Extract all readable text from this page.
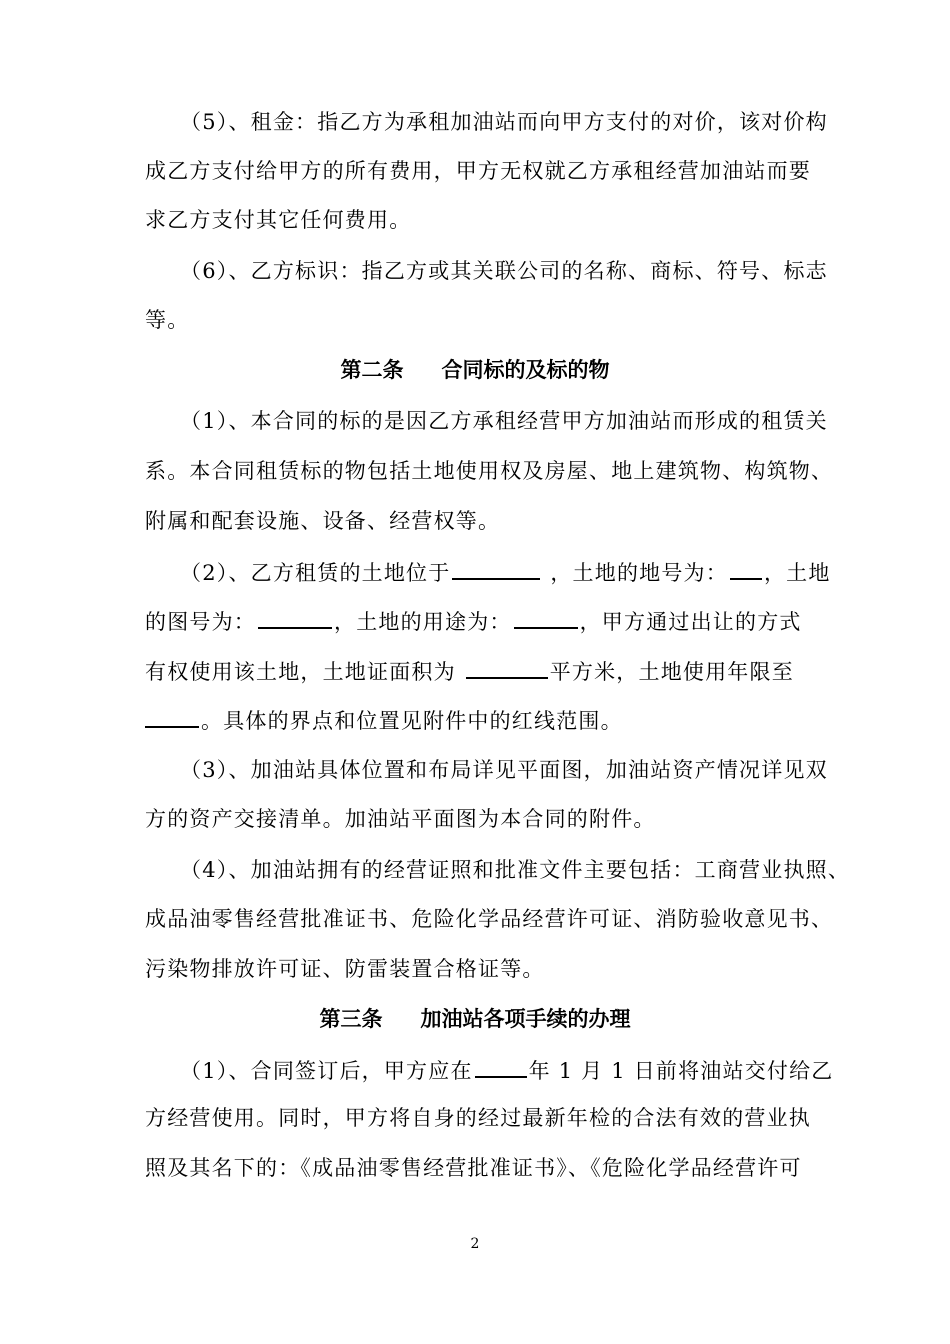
（5）、租金：指乙方为承租加油站而向甲方支付的对价，该对价构
成乙方支付给甲方的所有费用，甲方无权就乙方承租经营加油站而要
求乙方支付其它任何费用。
（6）、乙方标识：指乙方或其关联公司的名称、商标、符号、标志
等。
第二条 合同标的及标的物
（1）、本合同的标的是因乙方承租经营甲方加油站而形成的租赁关
系。本合同租赁标的物包括土地使用权及房屋、地上建筑物、构筑物、
附属和配套设施、设备、经营权等。
（2）、乙方租赁的土地位于	，土地的地号为： ，土地
的图号为：	，土地的用途为：	，甲方通过出让的方式
有权使用该土地，土地证面积为	平方米，土地使用年限至
。具体的界点和位置见附件中的红线范围。
（3）、加油站具体位置和布局详见平面图，加油站资产情况详见双
方的资产交接清单。加油站平面图为本合同的附件。
（4）、加油站拥有的经营证照和批准文件主要包括：工商营业执照、
成品油零售经营批准证书、危险化学品经营许可证、消防验收意见书、
污染物排放许可证、防雷装置合格证等。
第三条 加油站各项手续的办理
（1）、合同签订后，甲方应在	年 1 月 1 日前将油站交付给乙
方经营使用。同时，甲方将自身的经过最新年检的合法有效的营业执
照及其名下的：《成品油零售经营批准证书》、《危险化学品经营许可
2
